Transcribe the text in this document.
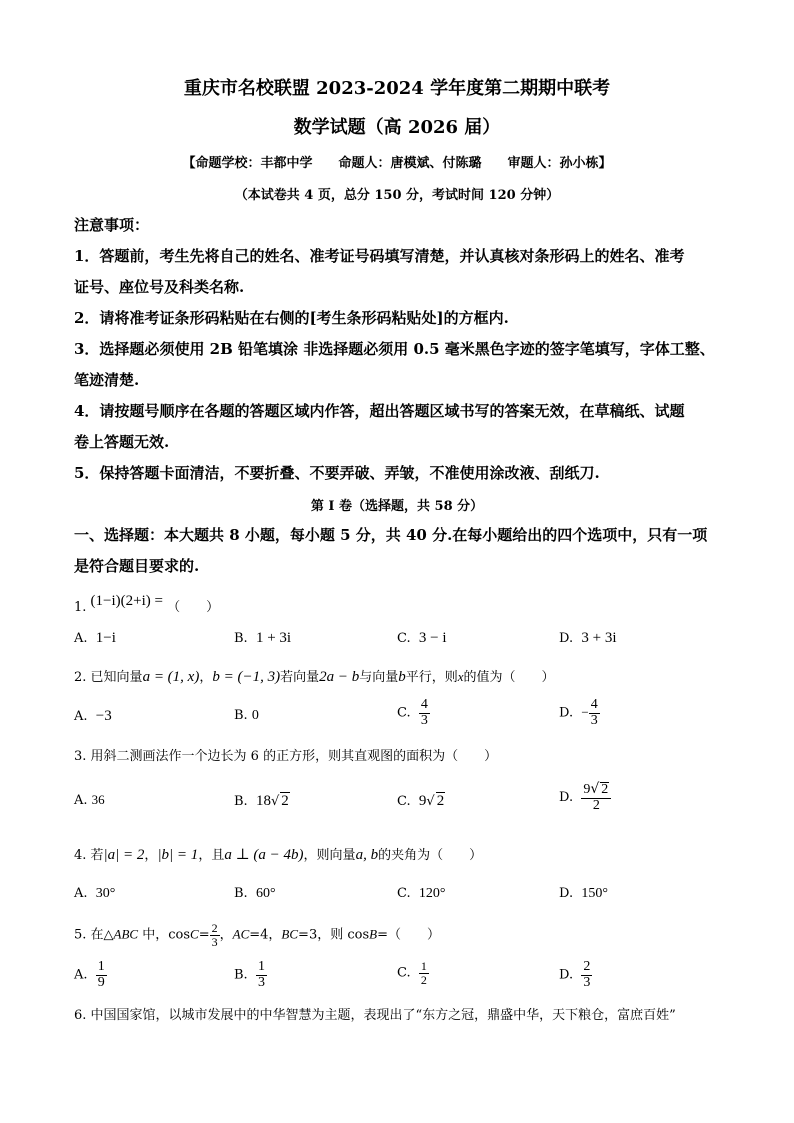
重庆市名校联盟 2023-2024 学年度第二期期中联考
数学试题（高 2026 届）
【命题学校：丰都中学　　命题人：唐模斌、付陈璐　　审题人：孙小栋】
（本试卷共 4 页，总分 150 分，考试时间 120 分钟）
注意事项：
1．答题前，考生先将自己的姓名、准考证号码填写清楚，并认真核对条形码上的姓名、准考
证号、座位号及科类名称.
2．请将准考证条形码粘贴在右侧的[考生条形码粘贴处]的方框内.
3．选择题必须使用 2B 铅笔填涂 非选择题必须用 0.5 毫米黑色字迹的签字笔填写，字体工整、
笔迹清楚.
4．请按题号顺序在各题的答题区域内作答，超出答题区域书写的答案无效，在草稿纸、试题
卷上答题无效.
5．保持答题卡面清洁，不要折叠、不要弄破、弄皱，不准使用涂改液、刮纸刀.
第 I 卷（选择题，共 58 分）
一、选择题：本大题共 8 小题，每小题 5 分，共 40 分.在每小题给出的四个选项中，只有一项
是符合题目要求的.
1. (1−i)(2+i) = （　　）
A. 1−i	B. 1 + 3i	C. 3 − i	D. 3 + 3i
2. 已知向量a = (1, x)，b = (−1, 3)若向量2a − b与向量b平行，则x的值为（　　）
A. −3	B. 0	C. $\frac{4}{3}$	D. − $\frac{4}{3}$
3. 用斜二测画法作一个边长为 6 的正方形，则其直观图的面积为（　　）
A. 36	B. 18√ 2	C. 9√ 2	D. $\frac{9√ 2}{2}$
4. 若|a| = 2，|b| = 1，且a ⊥ (a − 4b)，则向量a, b的夹角为（　　）
A. 30°	B. 60°	C. 120°	D. 150°
5. 在△ABC 中，$\cos C= \frac{2}{3}$ ，AC=4，BC=3，则 cosB=（　　）
A. $\frac{1}{9}$	B. $\frac{1}{3}$	C. $\frac{1}{2}$	D. $\frac{2}{3}$
6. 中国国家馆，以城市发展中的中华智慧为主题，表现出了“东方之冠，鼎盛中华，天下粮仓，富庶百姓”
